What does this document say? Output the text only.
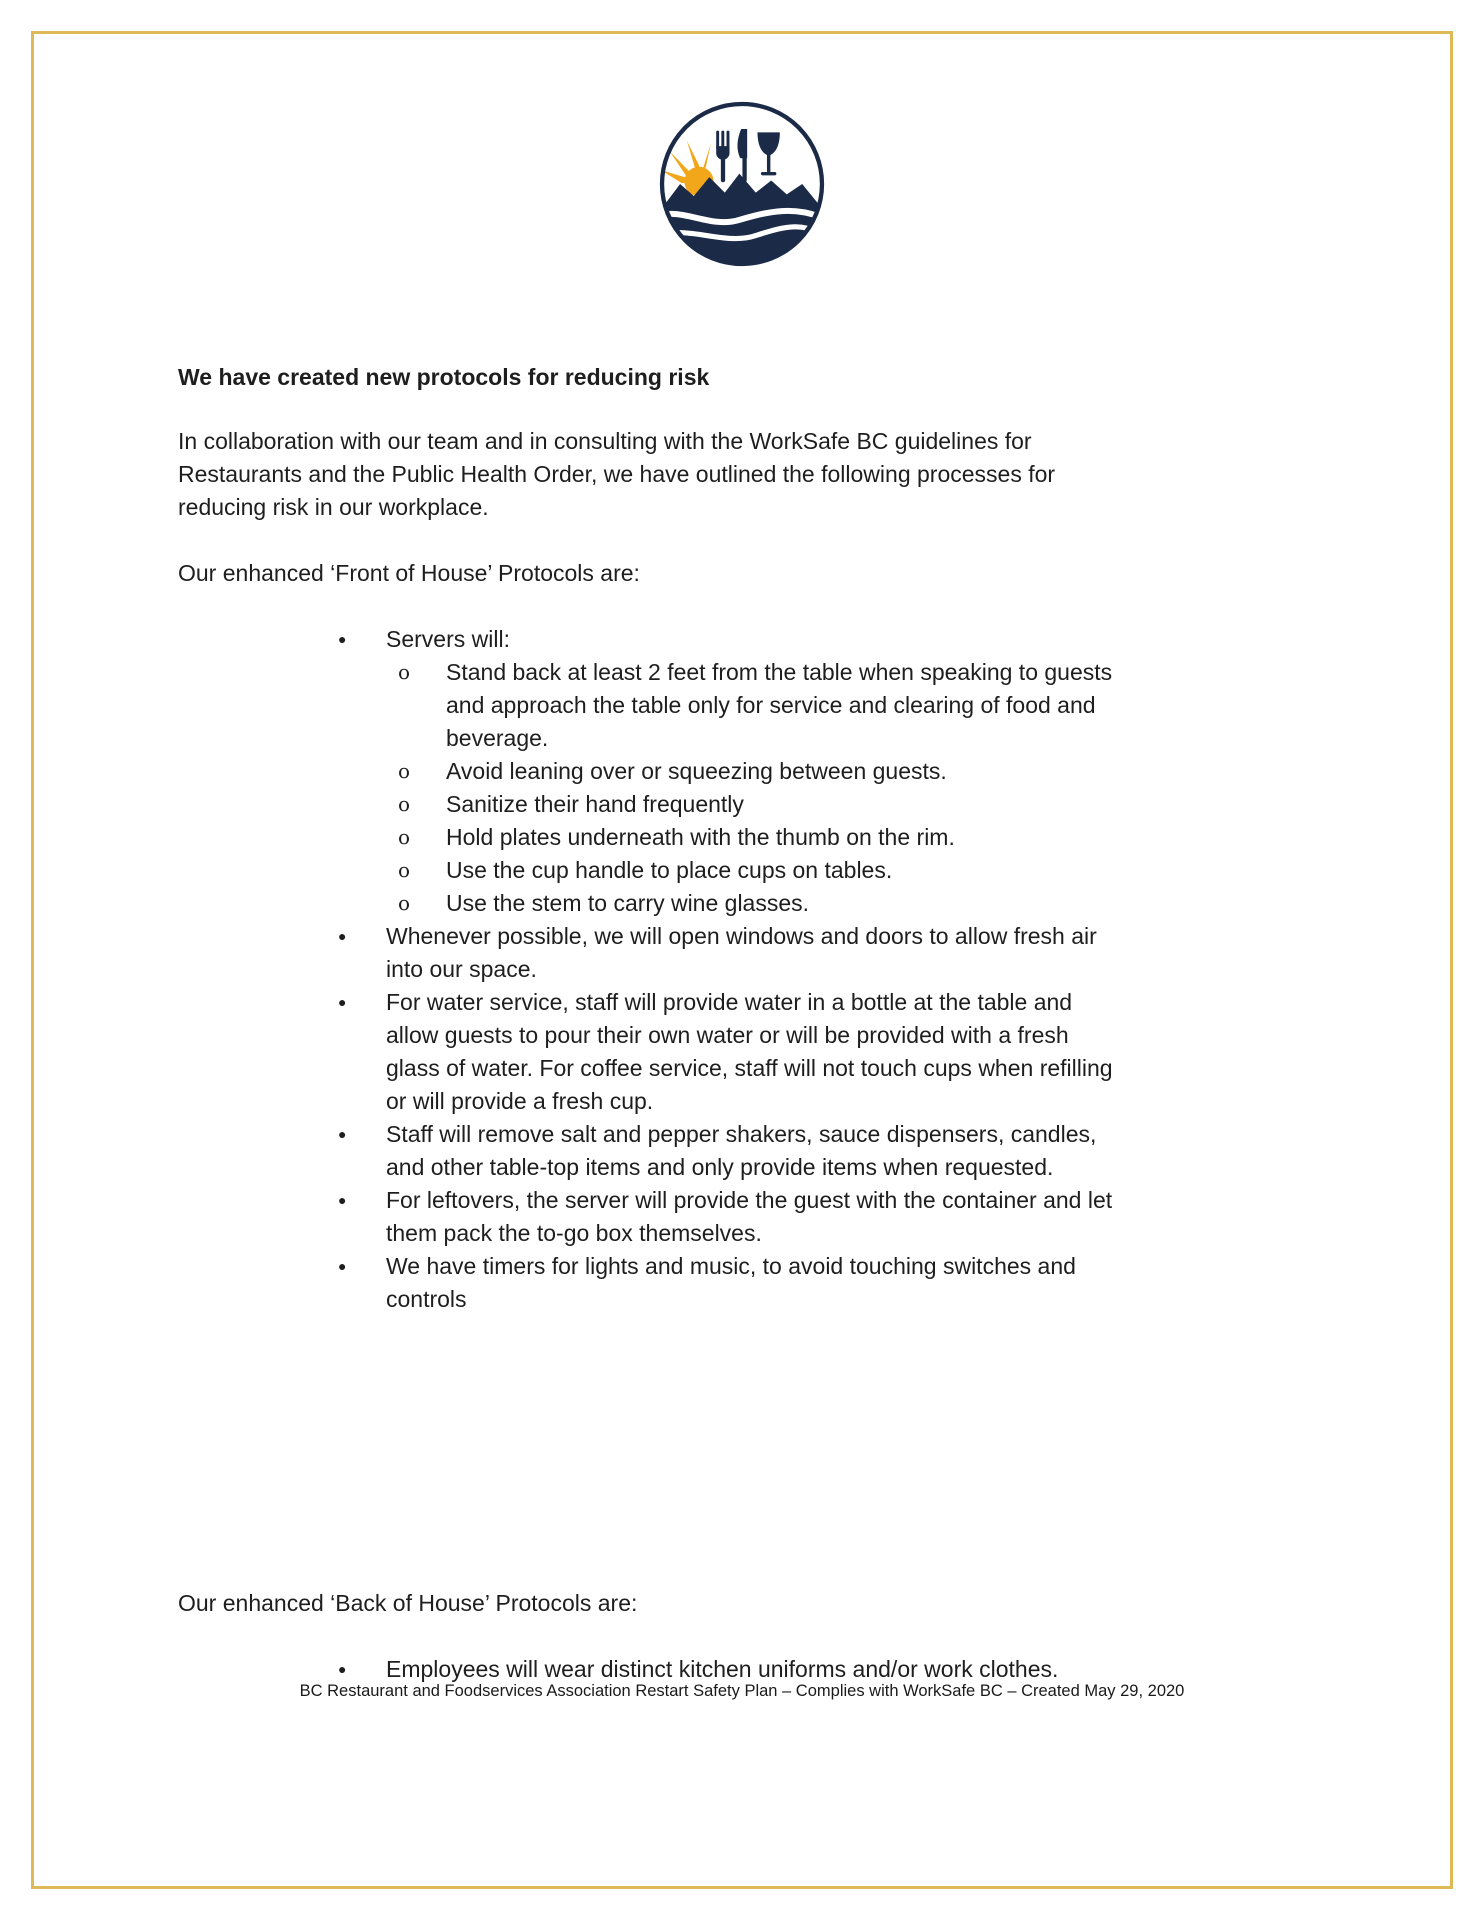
We have created new protocols for reducing risk
In collaboration with our team and in consulting with the WorkSafe BC guidelines for Restaurants and the Public Health Order, we have outlined the following processes for reducing risk in our workplace.
Our enhanced ‘Front of House’ Protocols are:
●	Servers will:
o	Stand back at least 2 feet from the table when speaking to guests and approach the table only for service and clearing of food and beverage.
o	Avoid leaning over or squeezing between guests.
o	Sanitize their hand frequently
o	Hold plates underneath with the thumb on the rim.
o	Use the cup handle to place cups on tables.
o	Use the stem to carry wine glasses.
●	Whenever possible, we will open windows and doors to allow fresh air into our space.
●	For water service, staff will provide water in a bottle at the table and allow guests to pour their own water or will be provided with a fresh glass of water. For coffee service, staff will not touch cups when refilling or will provide a fresh cup.
●	Staff will remove salt and pepper shakers, sauce dispensers, candles, and other table-top items and only provide items when requested.
●	For leftovers, the server will provide the guest with the container and let them pack the to-go box themselves.
●	We have timers for lights and music, to avoid touching switches and controls
Our enhanced ‘Back of House’ Protocols are:
●	Employees will wear distinct kitchen uniforms and/or work clothes.
BC Restaurant and Foodservices Association Restart Safety Plan – Complies with WorkSafe BC – Created May 29, 2020
